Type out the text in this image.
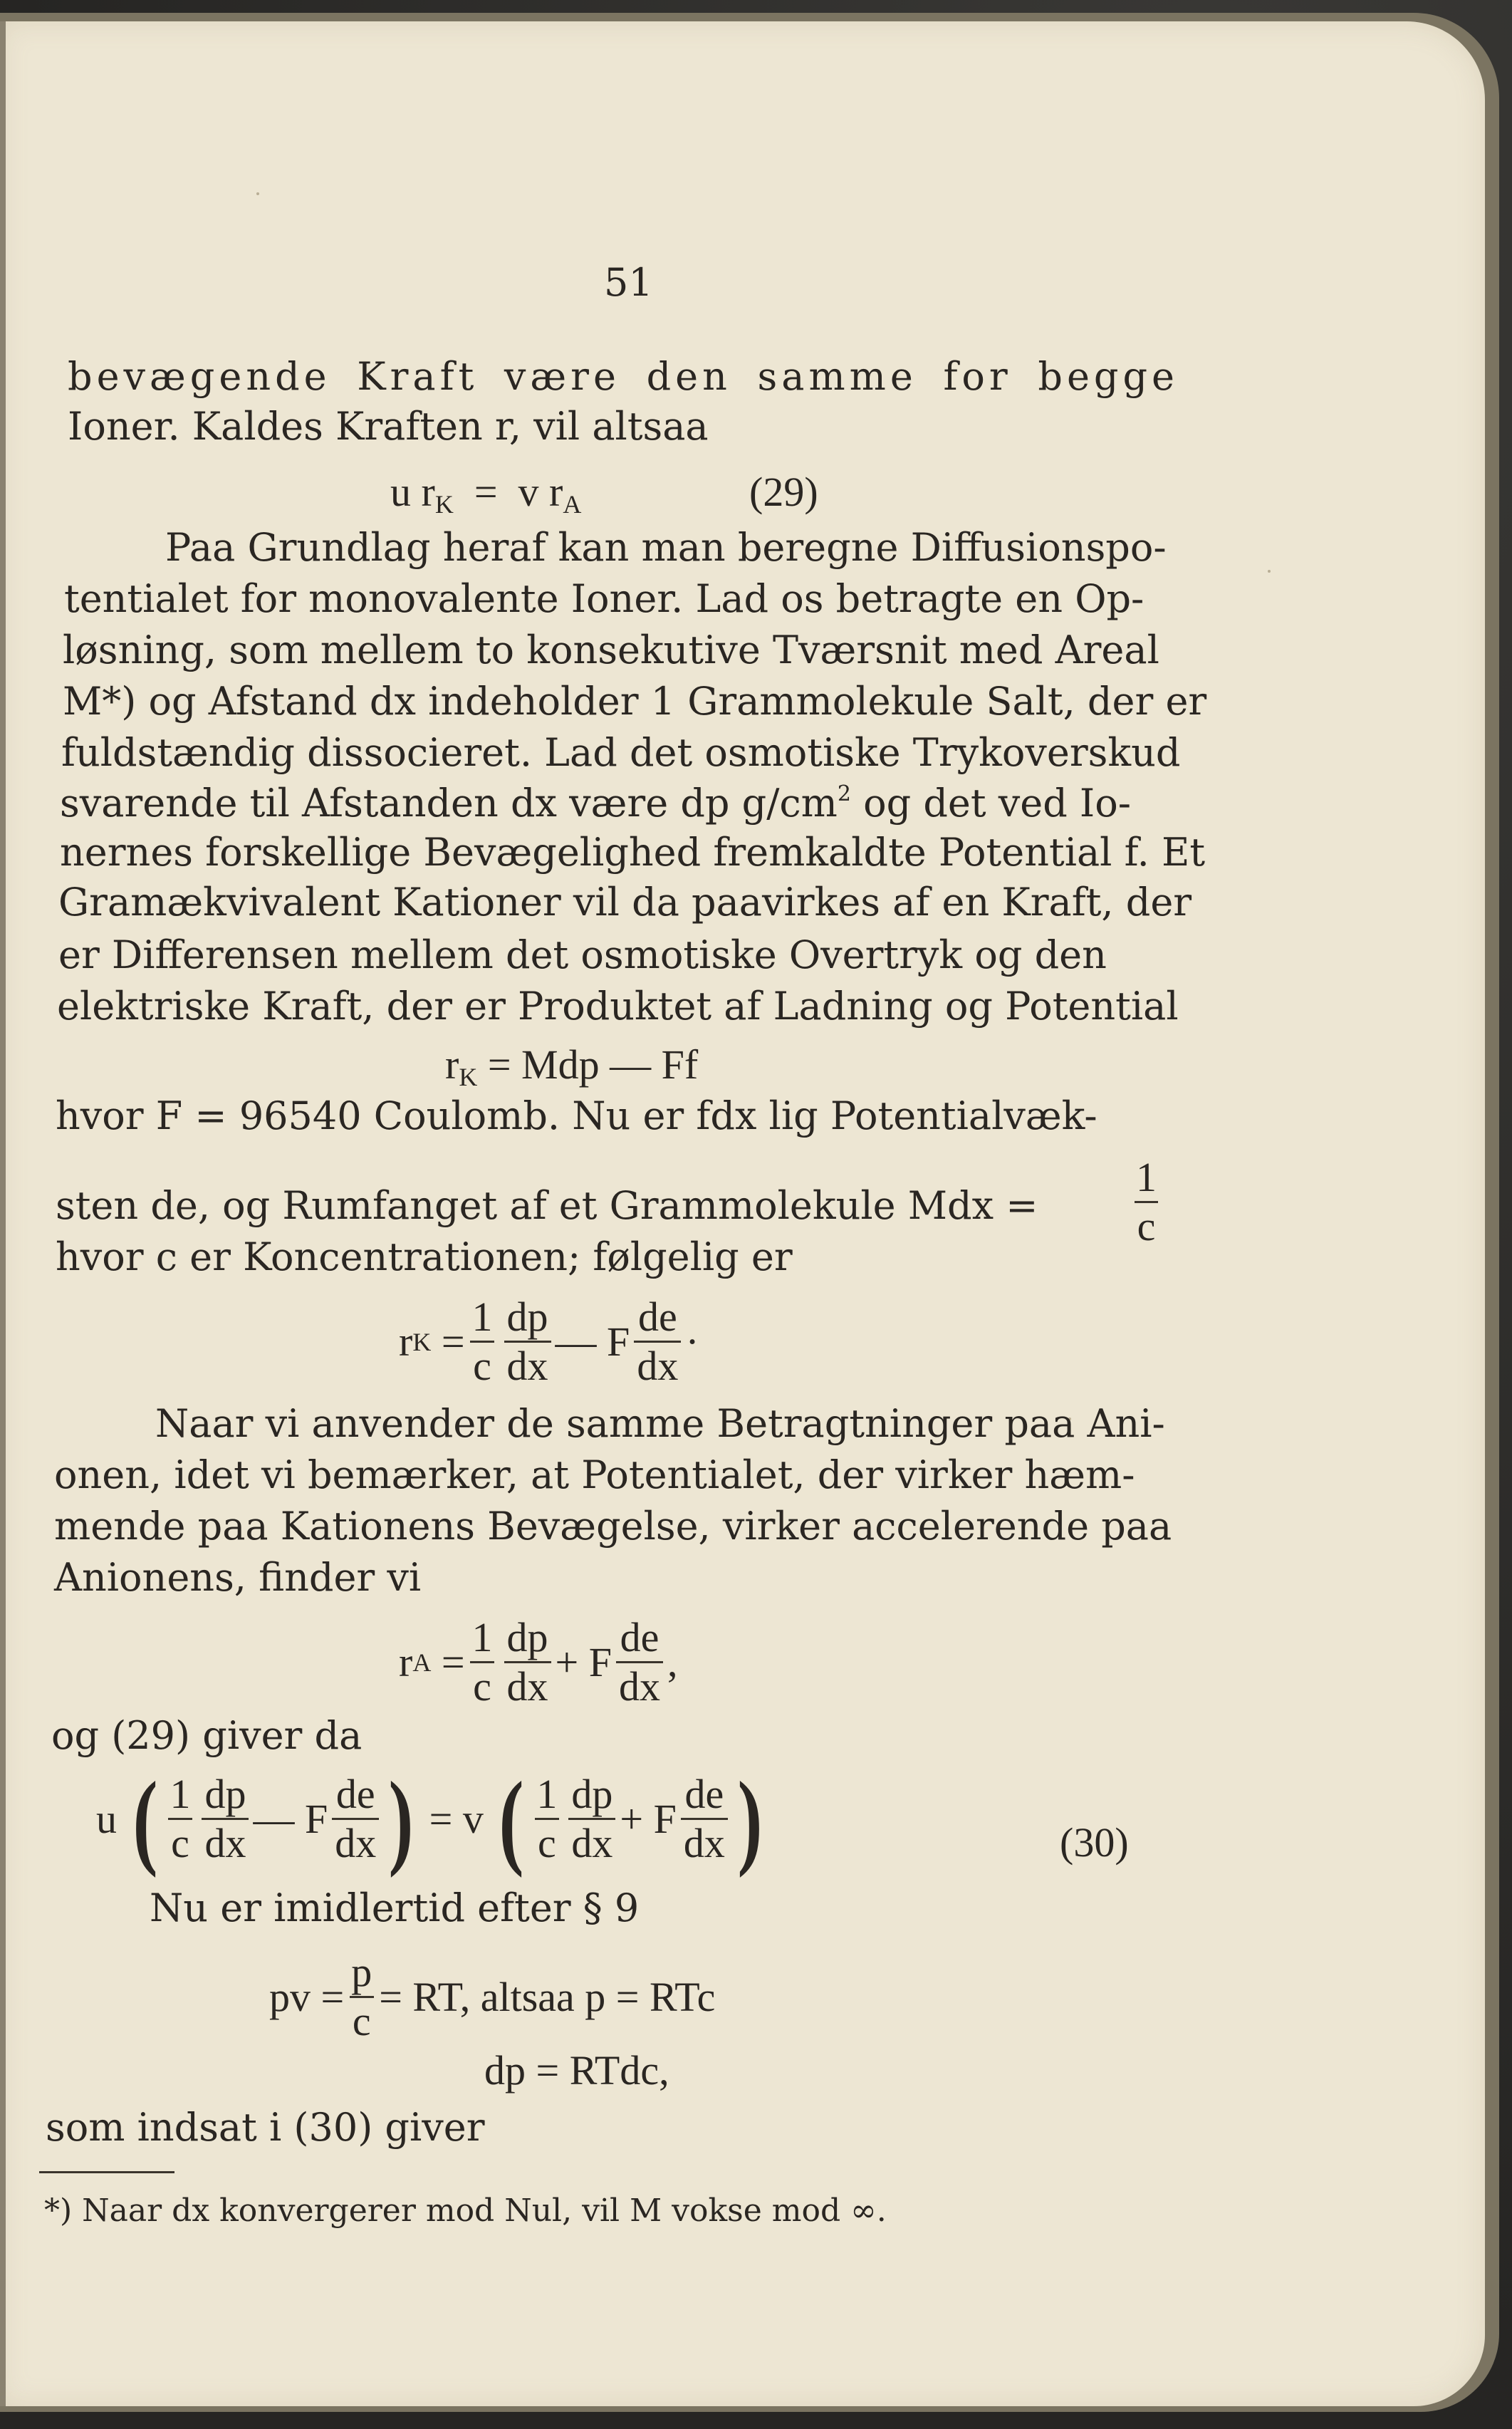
51
bevægende Kraft være den samme for begge
Ioner. Kaldes Kraften r, vil altsaa
u $r_K = v$ $r_A$	(29)
Paa Grundlag heraf kan man beregne Diffusionspo-
tentialet for monovalente Ioner. Lad os betragte en Op-
løsning, som mellem to konsekutive Tværsnit med Areal
M*) og Afstand dx indeholder 1 Grammolekule Salt, der er
fuldstændig dissocieret. Lad det osmotiske Trykoverskud
svarende til Afstanden dx være dp $g/cm^2$ og det ved Io-
nernes forskellige Bevægelighed fremkaldte Potential f. Et
Gramækvivalent Kationer vil da paavirkes af en Kraft, der
er Differensen mellem det osmotiske Overtryk og den
elektriske Kraft, der er Produktet af Ladning og Potential
$r_K$ = Mdp — Ff
hvor F = 96540 Coulomb. Nu er fdx lig Potentialvæk-
sten de, og Rumfanget af et Grammolekule Mdx = $\frac{1}{c}$
hvor c er Koncentrationen; følgelig er
r K
= $\frac{1}{c} \frac{dp}{dx}$ —
F $\frac{de}{dx}$ ·
Naar vi anvender de samme Betragtninger paa Ani-
onen, idet vi bemærker, at Potentialet, der virker hæm-
mende paa Kationens Bevægelse, virker accelerende paa
Anionens, finder vi
r A
= $\frac{1}{c} \frac{dp}{dx}$ +
F $\frac{de}{dx}$ ,
og (29) giver da
u
( $\frac{1}{c} \frac{dp}{dx}$ —
F $\frac{de}{dx}$ )
=
v
( $\frac{1}{c} \frac{dp}{dx}$ +
F $\frac{de}{dx}$ )	(30)
Nu er imidlertid efter § 9
pv = $\frac{p}{c}$ = RT, altsaa p = RTc
dp = RTdc,
som indsat i (30) giver
*) Naar dx konvergerer mod Nul, vil M vokse mod ∞.
